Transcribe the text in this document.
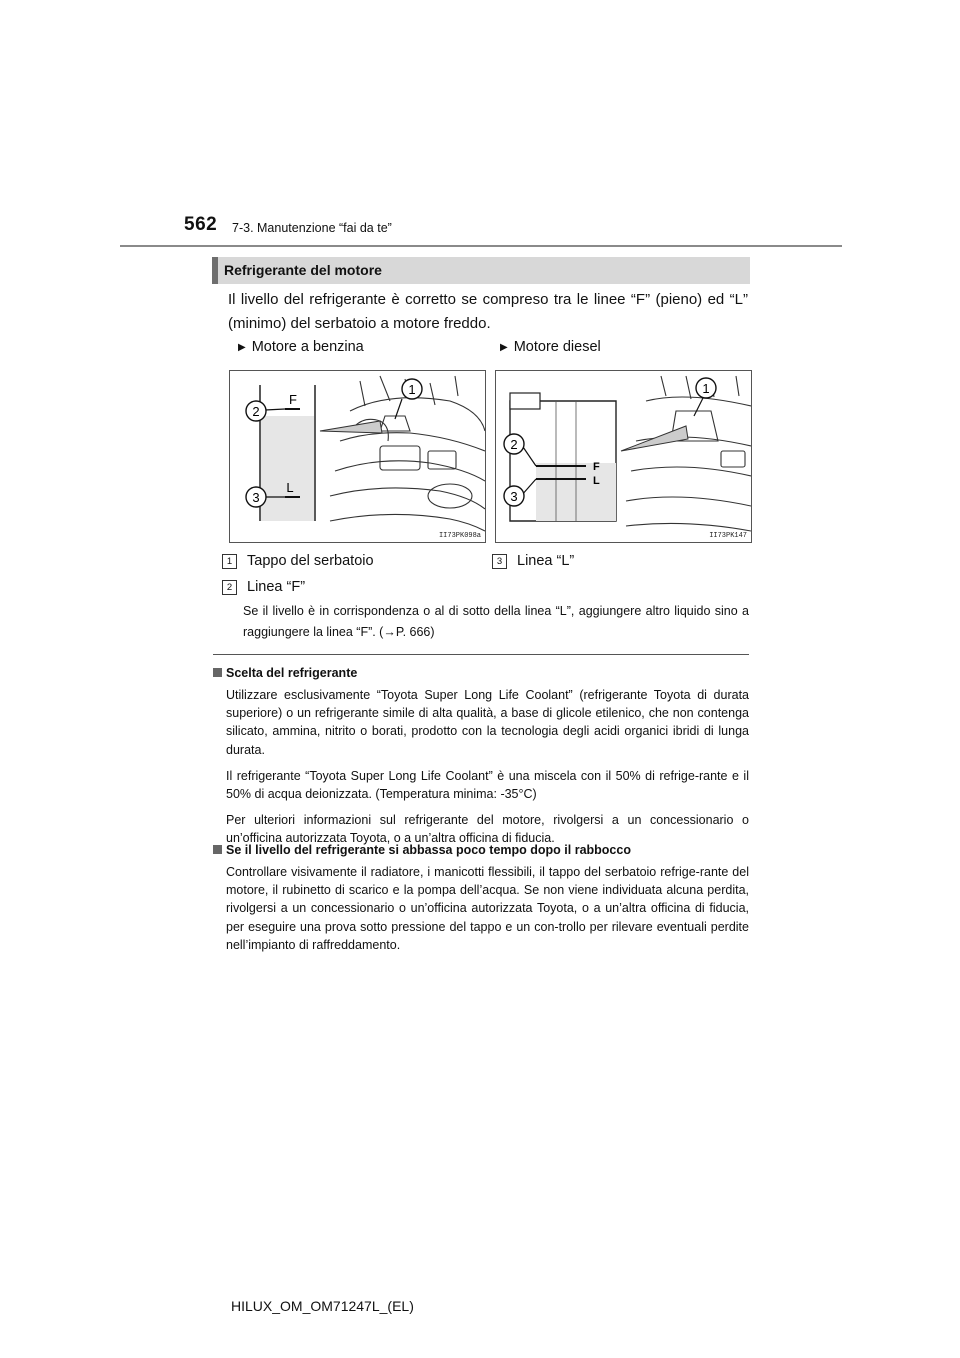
562 7-3. Manutenzione “fai da te”
Refrigerante del motore
Il livello del refrigerante è corretto se compreso tra le linee “F” (pieno) ed “L” (minimo) del serbatoio a motore freddo.
▶ Motore a benzina	▶ Motore diesel
2
3
1
F
L
II73PK098a
2
3
1
F
L
II73PK147
1 Tappo del serbatoio
2 Linea “F”
3 Linea “L”
Se il livello è in corrispondenza o al di sotto della linea “L”, aggiungere altro liquido sino a raggiungere la linea “F”. (→P. 666)
Scelta del refrigerante
Utilizzare esclusivamente “Toyota Super Long Life Coolant” (refrigerante Toyota di durata superiore) o un refrigerante simile di alta qualità, a base di glicole etilenico, che non contenga silicato, ammina, nitrito o borati, prodotto con la tecnologia degli acidi organici ibridi di lunga durata.
Il refrigerante “Toyota Super Long Life Coolant” è una miscela con il 50% di refrige-rante e il 50% di acqua deionizzata. (Temperatura minima: -35°C)
Per ulteriori informazioni sul refrigerante del motore, rivolgersi a un concessionario o un’officina autorizzata Toyota, o a un’altra officina di fiducia.
Se il livello del refrigerante si abbassa poco tempo dopo il rabbocco
Controllare visivamente il radiatore, i manicotti flessibili, il tappo del serbatoio refrige-rante del motore, il rubinetto di scarico e la pompa dell’acqua. Se non viene individuata alcuna perdita, rivolgersi a un concessionario o un’officina autorizzata Toyota, o a un’altra officina di fiducia, per eseguire una prova sotto pressione del tappo e un con-trollo per rilevare eventuali perdite nell’impianto di raffreddamento.
HILUX_OM_OM71247L_(EL)
